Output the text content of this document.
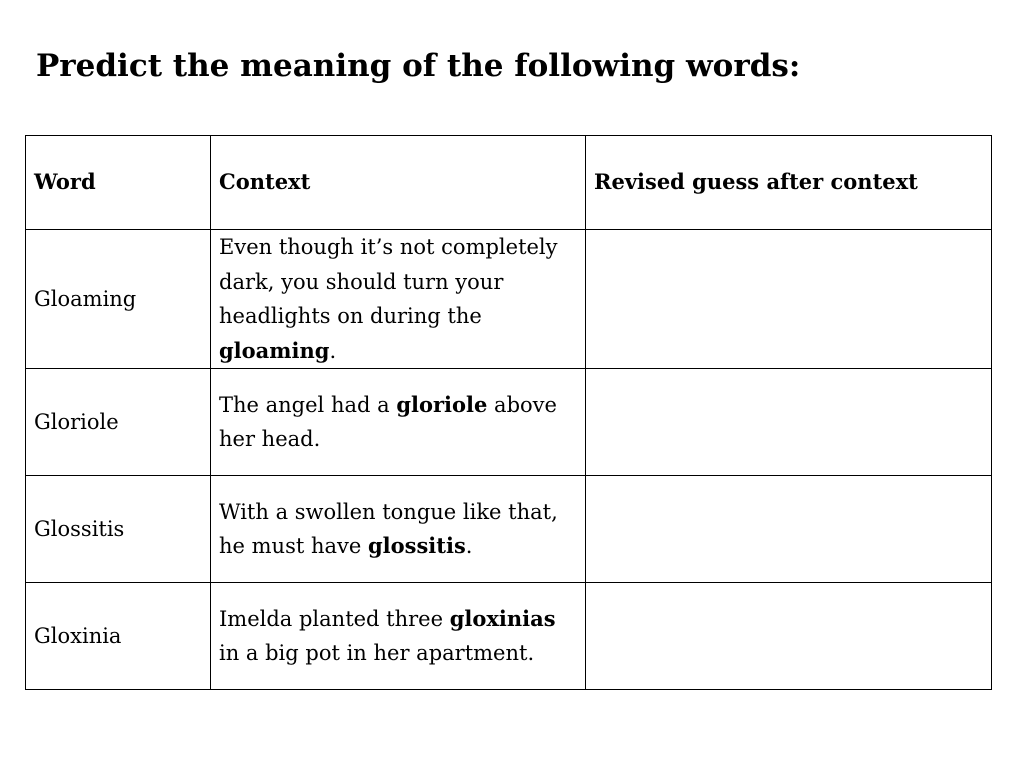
Predict the meaning of the following words:
Word	Context	Revised guess after context
Gloaming	Even though it’s not completely dark, you should turn your headlights on during the gloaming.	
Gloriole	The angel had a gloriole above her head.	
Glossitis	With a swollen tongue like that, he must have glossitis.	
Gloxinia	Imelda planted three gloxinias in a big pot in her apartment.	
